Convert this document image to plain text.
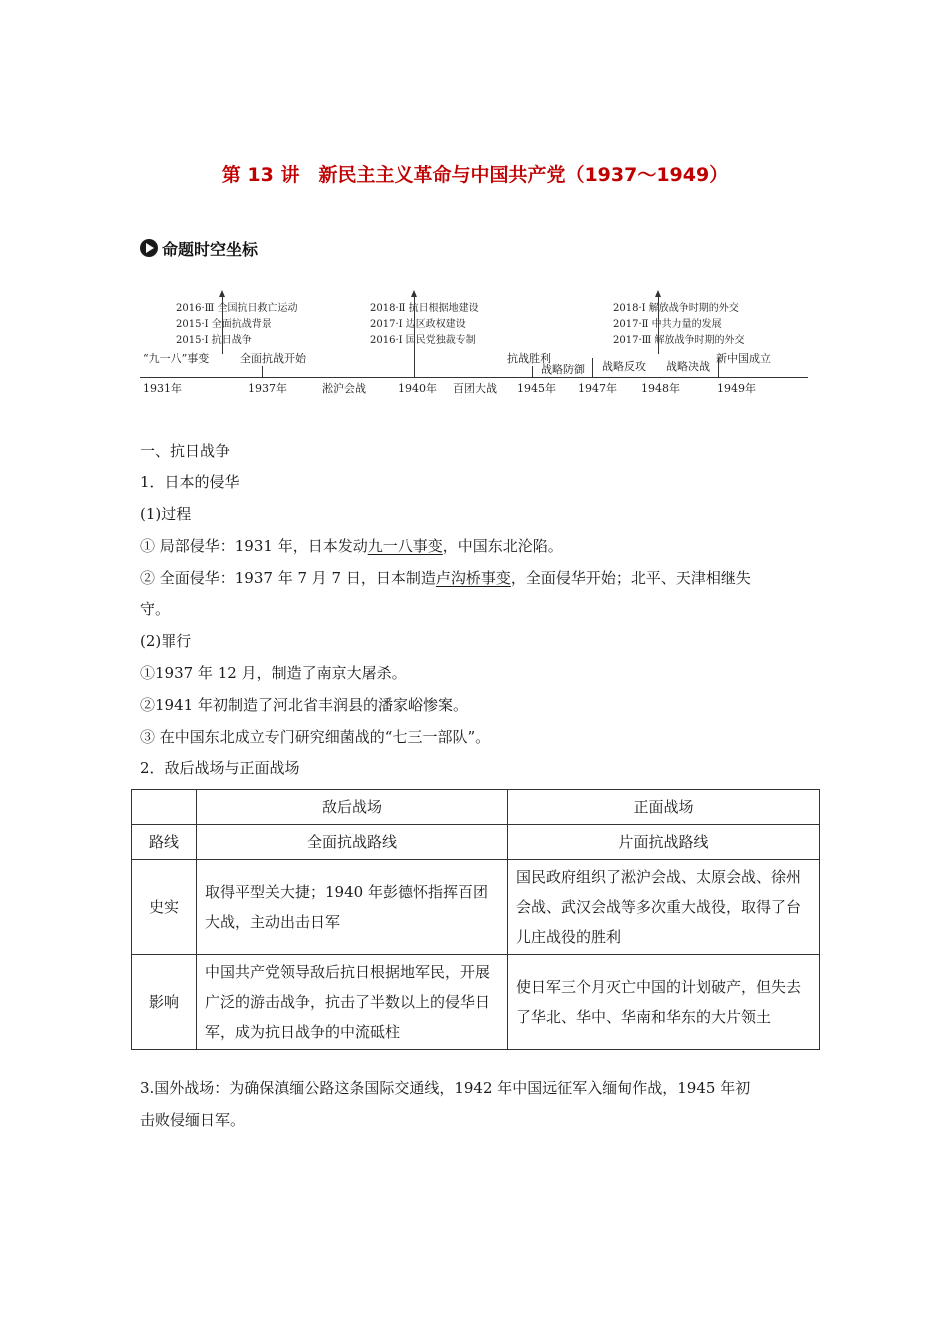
第 13 讲　新民主主义革命与中国共产党（1937～1949）
命题时空坐标
2016·Ⅲ 全国抗日救亡运动
2015·Ⅰ 全面抗战背景
2015·Ⅰ 抗日战争
2018·Ⅱ 抗日根据地建设
2017·Ⅰ 边区政权建设
2016·Ⅰ 国民党独裁专制
2018·Ⅰ 解放战争时期的外交
2017·Ⅱ 中共力量的发展
2017·Ⅲ 解放战争时期的外交
“九一八”事变	全面抗战开始	抗战胜利
战略防御 战略反攻 战略决战
新中国成立
1931年	1937年	淞沪会战	1940年 百团大战 1945年 1947年 1948年	1949年
一、抗日战争
1．日本的侵华
(1)过程
① 局部侵华：1931 年，日本发动九一八事变，中国东北沦陷。
② 全面侵华：1937 年 7 月 7 日，日本制造卢沟桥事变，全面侵华开始；北平、天津相继失
守。
(2)罪行
①1937 年 12 月，制造了南京大屠杀。
②1941 年初制造了河北省丰润县的潘家峪惨案。
③ 在中国东北成立专门研究细菌战的“七三一部队”。
2．敌后战场与正面战场
	敌后战场	正面战场
路线	全面抗战路线	片面抗战路线
史实	取得平型关大捷；1940 年彭德怀指挥百团大战，主动出击日军	国民政府组织了淞沪会战、太原会战、徐州会战、武汉会战等多次重大战役，取得了台儿庄战役的胜利
影响	中国共产党领导敌后抗日根据地军民，开展广泛的游击战争，抗击了半数以上的侵华日军，成为抗日战争的中流砥柱	使日军三个月灭亡中国的计划破产，但失去了华北、华中、华南和华东的大片领土
3.国外战场：为确保滇缅公路这条国际交通线，1942 年中国远征军入缅甸作战，1945 年初
击败侵缅日军。
